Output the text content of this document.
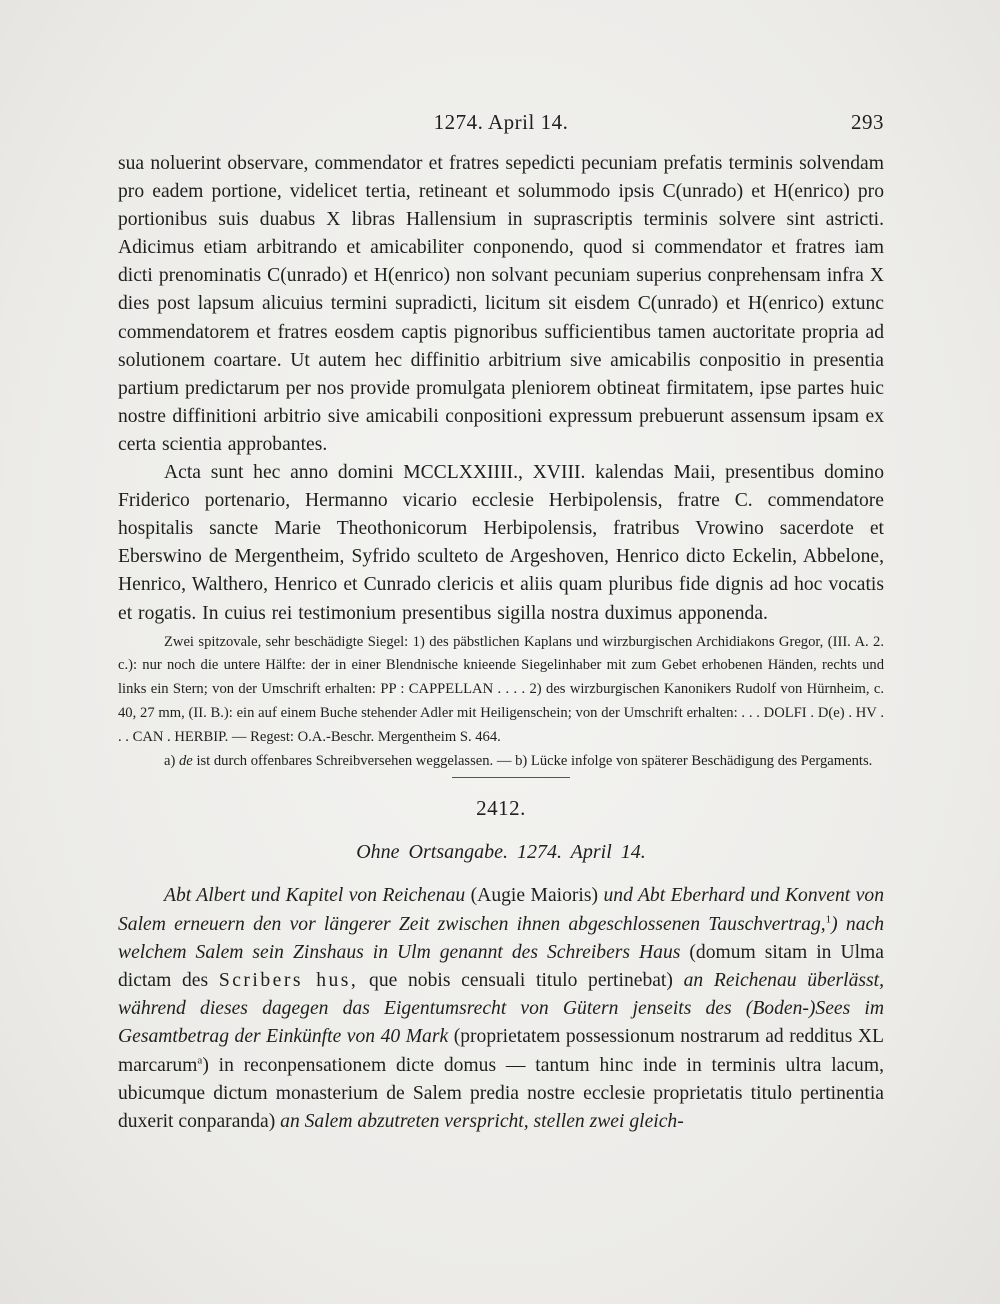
1274. April 14.	293

sua noluerint observare, commendator et fratres sepedicti pecuniam prefatis terminis solvendam pro eadem portione, videlicet tertia, retineant et solummodo ipsis C(unrado) et H(enrico) pro portionibus suis duabus X libras Hallensium in suprascriptis terminis solvere sint astricti. Adicimus etiam arbitrando et amicabiliter conponendo, quod si commendator et fratres iam dicti prenominatis C(unrado) et H(enrico) non solvant pecuniam superius conprehensam infra X dies post lapsum alicuius termini supradicti, licitum sit eisdem C(unrado) et H(enrico) extunc commendatorem et fratres eosdem captis pignoribus sufficientibus tamen auctoritate propria ad solutionem coartare. Ut autem hec diffinitio arbitrium sive amicabilis conpositio in presentia partium predictarum per nos provide promulgata pleniorem obtineat firmitatem, ipse partes huic nostre diffinitioni arbitrio sive amicabili conpositioni expressum prebuerunt assensum ipsam ex certa scientia approbantes.

Acta sunt hec anno domini MCCLXXIIII., XVIII. kalendas Maii, presentibus domino Friderico portenario, Hermanno vicario ecclesie Herbipolensis, fratre C. commendatore hospitalis sancte Marie Theothonicorum Herbipolensis, fratribus Vrowino sacerdote et Eberswino de Mergentheim, Syfrido sculteto de Argeshoven, Henrico dicto Eckelin, Abbelone, Henrico, Walthero, Henrico et Cunrado clericis et aliis quam pluribus fide dignis ad hoc vocatis et rogatis. In cuius rei testimonium presentibus sigilla nostra duximus apponenda.

Zwei spitzovale, sehr beschädigte Siegel: 1) des päbstlichen Kaplans und wirzburgischen Archidiakons Gregor, (III. A. 2. c.): nur noch die untere Hälfte: der in einer Blendnische knieende Siegelinhaber mit zum Gebet erhobenen Händen, rechts und links ein Stern; von der Umschrift erhalten: PP : CAPPELLAN . . . . 2) des wirzburgischen Kanonikers Rudolf von Hürnheim, c. 40, 27 mm, (II. B.): ein auf einem Buche stehender Adler mit Heiligenschein; von der Umschrift erhalten: . . . DOLFI . D(e) . HV . . . CAN . HERBIP. — Regest: O.A.-Beschr. Mergentheim S. 464.

a) de ist durch offenbares Schreibversehen weggelassen. — b) Lücke infolge von späterer Beschädigung des Pergaments.

2412.
Ohne Ortsangabe. 1274. April 14.

Abt Albert und Kapitel von Reichenau (Augie Maioris) und Abt Eberhard und Konvent von Salem erneuern den vor längerer Zeit zwischen ihnen abgeschlossenen Tauschvertrag,$^1$) nach welchem Salem sein Zinshaus in Ulm genannt des Schreibers Haus (domum sitam in Ulma dictam des Scribers hus, que nobis censuali titulo pertinebat) an Reichenau überlässt, während dieses dagegen das Eigentumsrecht von Gütern jenseits des (Boden-)Sees im Gesamtbetrag der Einkünfte von 40 Mark (proprietatem possessionum nostrarum ad redditus XL marcarum$^a$) in reconpensationem dicte domus — tantum hinc inde in terminis ultra lacum, ubicumque dictum monasterium de Salem predia nostre ecclesie proprietatis titulo pertinentia duxerit conparanda) an Salem abzutreten verspricht, stellen zwei gleich-
